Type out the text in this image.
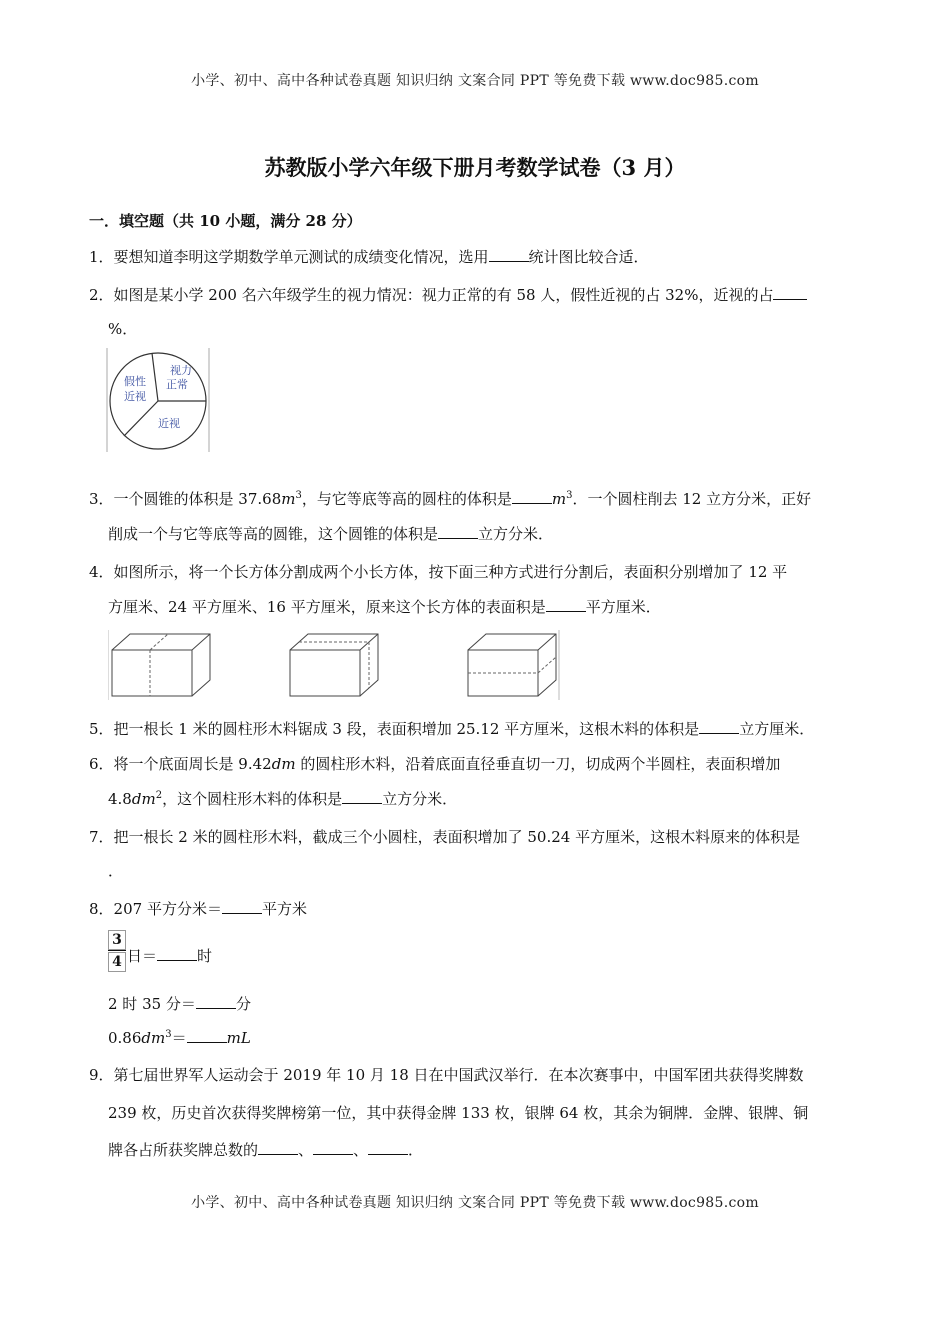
小学、初中、高中各种试卷真题 知识归纳 文案合同 PPT 等免费下载 www.doc985.com
苏教版小学六年级下册月考数学试卷（3 月）
一．填空题（共 10 小题，满分 28 分）
1．要想知道李明这学期数学单元测试的成绩变化情况，选用	统计图比较合适．
2．如图是某小学 200 名六年级学生的视力情况：视力正常的有 58 人，假性近视的占 32%，近视的占
%．
视力
正常
假性
近视
近视
3．一个圆锥的体积是 $37.68m^3$，与它等底等高的圆柱的体积是	$m^3$．一个圆柱削去 12 立方分米，正好
削成一个与它等底等高的圆锥，这个圆锥的体积是	立方分米．
4．如图所示，将一个长方体分割成两个小长方体，按下面三种方式进行分割后，表面积分别增加了 12 平
方厘米、24 平方厘米、16 平方厘米，原来这个长方体的表面积是	平方厘米．
5．把一根长 1 米的圆柱形木料锯成 3 段，表面积增加 25.12 平方厘米，这根木料的体积是	立方厘米．
6．将一个底面周长是 9.42dm 的圆柱形木料，沿着底面直径垂直切一刀，切成两个半圆柱，表面积增加
$4.8dm^2$，这个圆柱形木料的体积是	立方分米．
7．把一根长 2 米的圆柱形木料，截成三个小圆柱，表面积增加了 50.24 平方厘米，这根木料原来的体积是
．
8．207 平方分米＝	平方米
$\frac{3}{4}$ 日＝	时
2 时 35 分＝	分
$0.86dm^3=$	mL
9．第七届世界军人运动会于 2019 年 10 月 18 日在中国武汉举行．在本次赛事中，中国军团共获得奖牌数
239 枚，历史首次获得奖牌榜第一位，其中获得金牌 133 枚，银牌 64 枚，其余为铜牌．金牌、银牌、铜
牌各占所获奖牌总数的	、	、	．
小学、初中、高中各种试卷真题 知识归纳 文案合同 PPT 等免费下载 www.doc985.com
